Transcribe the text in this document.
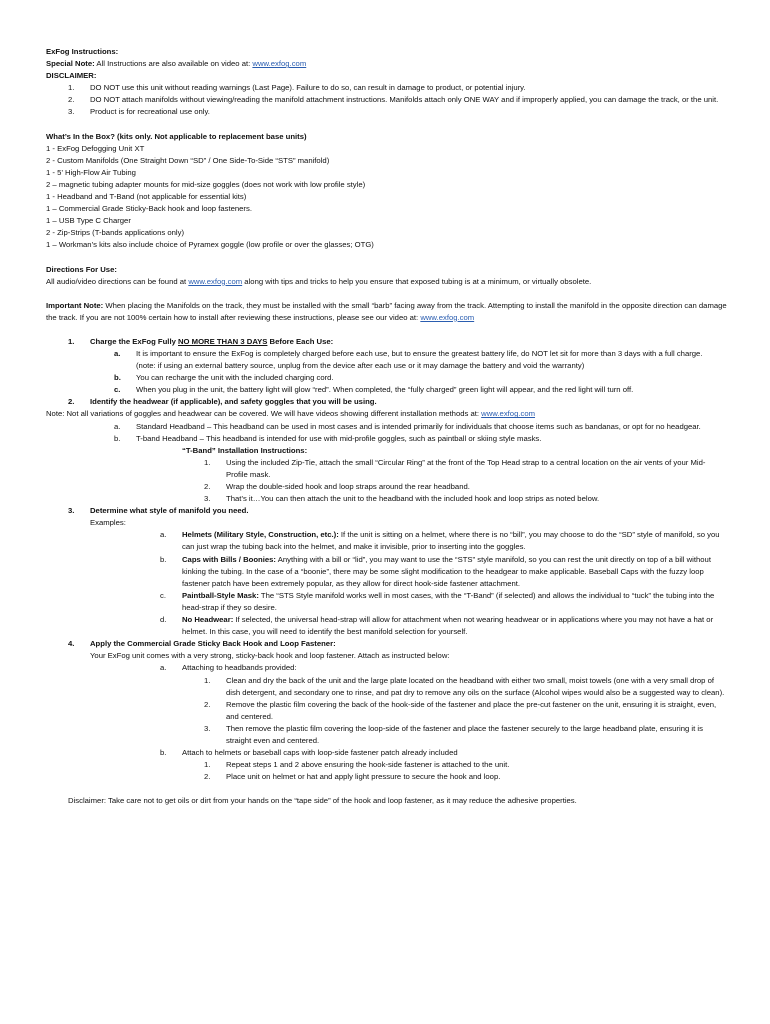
ExFog Instructions:

Special Note: All Instructions are also available on video at: www.exfog.com

DISCLAIMER:

1.	DO NOT use this unit without reading warnings (Last Page). Failure to do so, can result in damage to product, or potential injury.
2.	DO NOT attach manifolds without viewing/reading the manifold attachment instructions. Manifolds attach only ONE WAY and if improperly applied, you can damage the track, or the unit.
3.	Product is for recreational use only.

What’s In the Box? (kits only. Not applicable to replacement base units)

1 - ExFog Defogging Unit XT

2 - Custom Manifolds (One Straight Down “SD” / One Side-To-Side “STS” manifold)

1 - 5’ High-Flow Air Tubing

2 – magnetic tubing adapter mounts for mid-size goggles (does not work with low profile style)

1 - Headband and T-Band (not applicable for essential kits)

1 – Commercial Grade Sticky-Back hook and loop fasteners.

1 – USB Type C Charger

2 - Zip-Strips (T-bands applications only)

1 – Workman’s kits also include choice of Pyramex goggle (low profile or over the glasses; OTG)

Directions For Use:

All audio/video directions can be found at www.exfog.com along with tips and tricks to help you ensure that exposed tubing is at a minimum, or virtually obsolete.

Important Note: When placing the Manifolds on the track, they must be installed with the small “barb” facing away from the track. Attempting to install the manifold in the opposite direction can damage the track. If you are not 100% certain how to install after reviewing these instructions, please see our video at: www.exfog.com

1.	Charge the ExFog Fully NO MORE THAN 3 DAYS Before Each Use:
a.	It is important to ensure the ExFog is completely charged before each use, but to ensure the greatest battery life, do NOT let sit for more than 3 days with a full charge. (note: if using an external battery source, unplug from the device after each use or it may damage the battery and void the warranty)
b.	You can recharge the unit with the included charging cord.
c.	When you plug in the unit, the battery light will glow “red”. When completed, the “fully charged” green light will appear, and the red light will turn off.
2.	Identify the headwear (if applicable), and safety goggles that you will be using.

Note: Not all variations of goggles and headwear can be covered. We will have videos showing different installation methods at: www.exfog.com

a.	Standard Headband – This headband can be used in most cases and is intended primarily for individuals that choose items such as bandanas, or opt for no headgear.
b.	T-band Headband – This headband is intended for use with mid-profile goggles, such as paintball or skiing style masks.

“T-Band” Installation Instructions:

1.	Using the included Zip-Tie, attach the small “Circular Ring” at the front of the Top Head strap to a central location on the air vents of your Mid-Profile mask.
2.	Wrap the double-sided hook and loop straps around the rear headband.
3.	That’s it…You can then attach the unit to the headband with the included hook and loop strips as noted below.
3.	Determine what style of manifold you need.

Examples:

a.	Helmets (Military Style, Construction, etc.): If the unit is sitting on a helmet, where there is no “bill”, you may choose to do the “SD” style of manifold, so you can just wrap the tubing back into the helmet, and make it invisible, prior to inserting into the goggles.
b.	Caps with Bills / Boonies: Anything with a bill or “lid”, you may want to use the “STS” style manifold, so you can rest the unit directly on top of a bill without kinking the tubing. In the case of a “boonie”, there may be some slight modification to the headgear to make applicable. Baseball Caps with the fuzzy loop fastener patch have been extremely popular, as they allow for direct hook-side fastener attachment.
c.	Paintball-Style Mask: The “STS Style manifold works well in most cases, with the “T-Band” (if selected) and allows the individual to “tuck” the tubing into the head-strap if they so desire.
d.	No Headwear: If selected, the universal head-strap will allow for attachment when not wearing headwear or in applications where you may not have a hat or helmet. In this case, you will need to identify the best manifold selection for yourself.
4.	Apply the Commercial Grade Sticky Back Hook and Loop Fastener:

Your ExFog unit comes with a very strong, sticky-back hook and loop fastener. Attach as instructed below:

a.	Attaching to headbands provided:
1.	Clean and dry the back of the unit and the large plate located on the headband with either two small, moist towels (one with a very small drop of dish detergent, and secondary one to rinse, and pat dry to remove any oils on the surface (Alcohol wipes would also be a suggested way to clean).
2.	Remove the plastic film covering the back of the hook-side of the fastener and place the pre-cut fastener on the unit, ensuring it is straight, even, and centered.
3.	Then remove the plastic film covering the loop-side of the fastener and place the fastener securely to the large headband plate, ensuring it is straight even and centered.
b.	Attach to helmets or baseball caps with loop-side fastener patch already included
1.	Repeat steps 1 and 2 above ensuring the hook-side fastener is attached to the unit.
2.	Place unit on helmet or hat and apply light pressure to secure the hook and loop.

Disclaimer: Take care not to get oils or dirt from your hands on the “tape side” of the hook and loop fastener, as it may reduce the adhesive properties.
